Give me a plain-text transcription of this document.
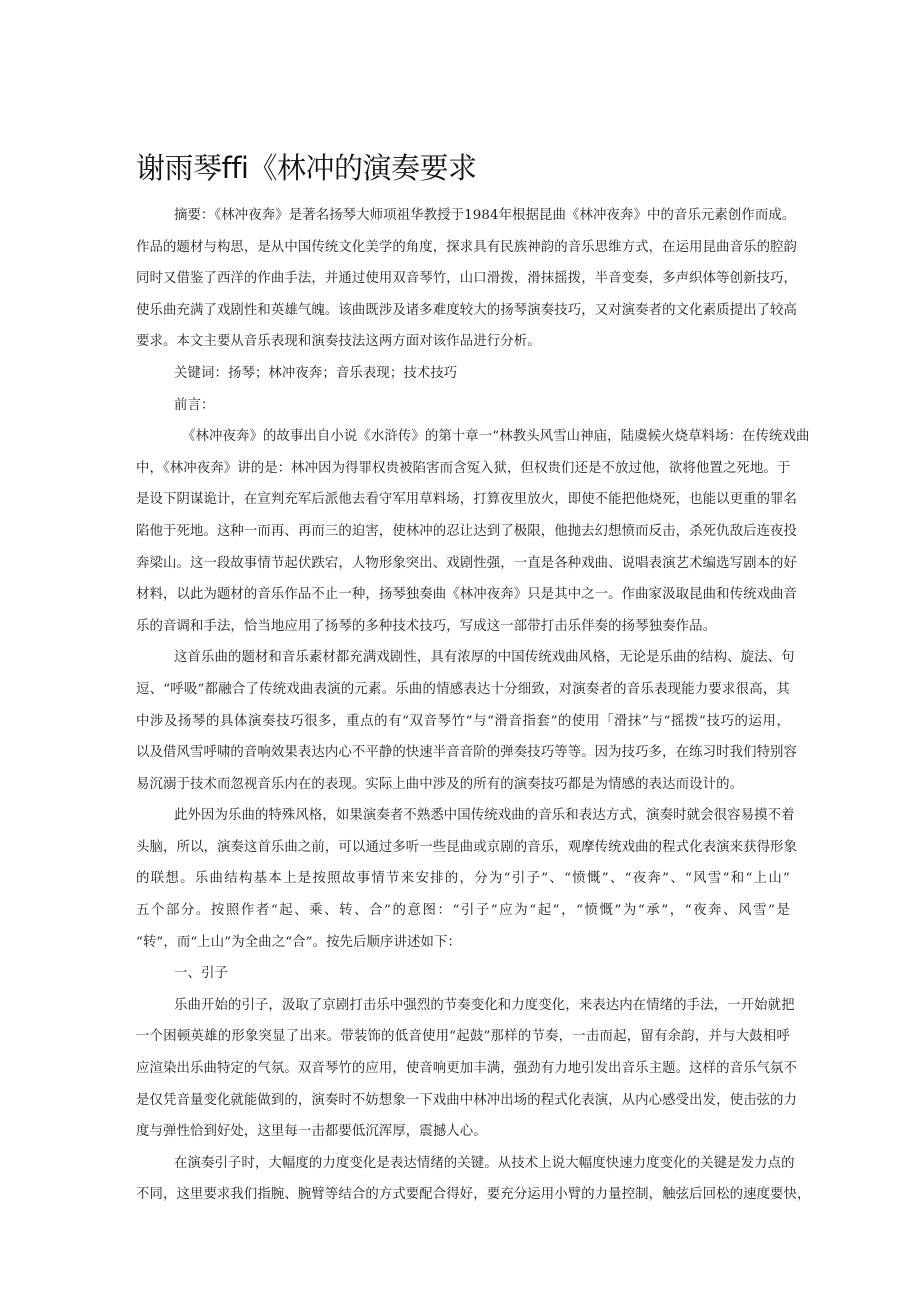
谢雨琴ffi《林冲的演奏要求
摘要：《林冲夜奔》是著名扬琴大师项祖华教授于1984年根据昆曲《林冲夜奔》中的音乐元素创作而成。
作品的题材与构思，是从中国传统文化美学的角度，探求具有民族神韵的音乐思维方式，在运用昆曲音乐的腔韵
同时又借鉴了西洋的作曲手法，并通过使用双音琴竹，山口滑拨，滑抹摇拨，半音变奏，多声织体等创新技巧，
使乐曲充满了戏剧性和英雄气魄。该曲既涉及诸多难度较大的扬琴演奏技巧，又对演奏者的文化素质提出了较高
要求。本文主要从音乐表现和演奏技法这两方面对该作品进行分析。
关键词：扬琴；林冲夜奔；音乐表现；技术技巧
前言：
《林冲夜奔》的故事出自小说《水浒传》的第十章一“林教头风雪山神庙，陆虞候火烧草料场：在传统戏曲
中，《林冲夜奔》讲的是：林冲因为得罪权贵被陷害而含冤入狱，但权贵们还是不放过他，欲将他置之死地。于
是设下阴谋诡计，在宣判充军后派他去看守军用草料场，打算夜里放火，即使不能把他烧死，也能以更重的罪名
陷他于死地。这种一而再、再而三的迫害，使林冲的忍让达到了极限，他抛去幻想愤而反击，杀死仇敌后连夜投
奔梁山。这一段故事情节起伏跌宕，人物形象突出、戏剧性强，一直是各种戏曲、说唱表演艺术编选写剧本的好
材料，以此为题材的音乐作品不止一种，扬琴独奏曲《林冲夜奔》只是其中之一。作曲家汲取昆曲和传统戏曲音
乐的音调和手法，恰当地应用了扬琴的多种技术技巧，写成这一部带打击乐伴奏的扬琴独奏作品。
这首乐曲的题材和音乐素材都充满戏剧性，具有浓厚的中国传统戏曲风格，无论是乐曲的结构、旋法、句
逗、“呼吸”都融合了传统戏曲表演的元素。乐曲的情感表达十分细致，对演奏者的音乐表现能力要求很高，其
中涉及扬琴的具体演奏技巧很多，重点的有“双音琴竹”与“滑音指套”的使用「滑抹”与“摇拨”技巧的运用，
以及借风雪呼啸的音响效果表达内心不平静的快速半音音阶的弹奏技巧等等。因为技巧多，在练习时我们特别容
易沉溺于技术而忽视音乐内在的表现。实际上曲中涉及的所有的演奏技巧都是为情感的表达而设计的。
此外因为乐曲的特殊风格，如果演奏者不熟悉中国传统戏曲的音乐和表达方式，演奏时就会很容易摸不着
头脑，所以，演奏这首乐曲之前，可以通过多听一些昆曲或京剧的音乐，观摩传统戏曲的程式化表演来获得形象
的联想。乐曲结构基本上是按照故事情节来安排的，分为“引子”、“愤慨”、“夜奔”、“风雪”和“上山”
五个部分。按照作者“起、乘、转、合”的意图：“引子”应为“起”，“愤慨”为“承”，“夜奔、风雪”是
“转”，而“上山”为全曲之“合”。按先后顺序讲述如下：
一、引子
乐曲开始的引子，汲取了京剧打击乐中强烈的节奏变化和力度变化，来表达内在情绪的手法，一开始就把
一个困顿英雄的形象突显了出来。带装饰的低音使用“起鼓”那样的节奏，一击而起，留有余韵，并与大鼓相呼
应渲染出乐曲特定的气氛。双音琴竹的应用，使音响更加丰满，强劲有力地引发出音乐主题。这样的音乐气氛不
是仅凭音量变化就能做到的，演奏时不妨想象一下戏曲中林冲出场的程式化表演，从内心感受出发，使击弦的力
度与弹性恰到好处，这里每一击都要低沉浑厚，震撼人心。
在演奏引子时，大幅度的力度变化是表达情绪的关键。从技术上说大幅度快速力度变化的关键是发力点的
不同，这里要求我们指腕、腕臂等结合的方式要配合得好，要充分运用小臂的力量控制，触弦后回松的速度要快，
